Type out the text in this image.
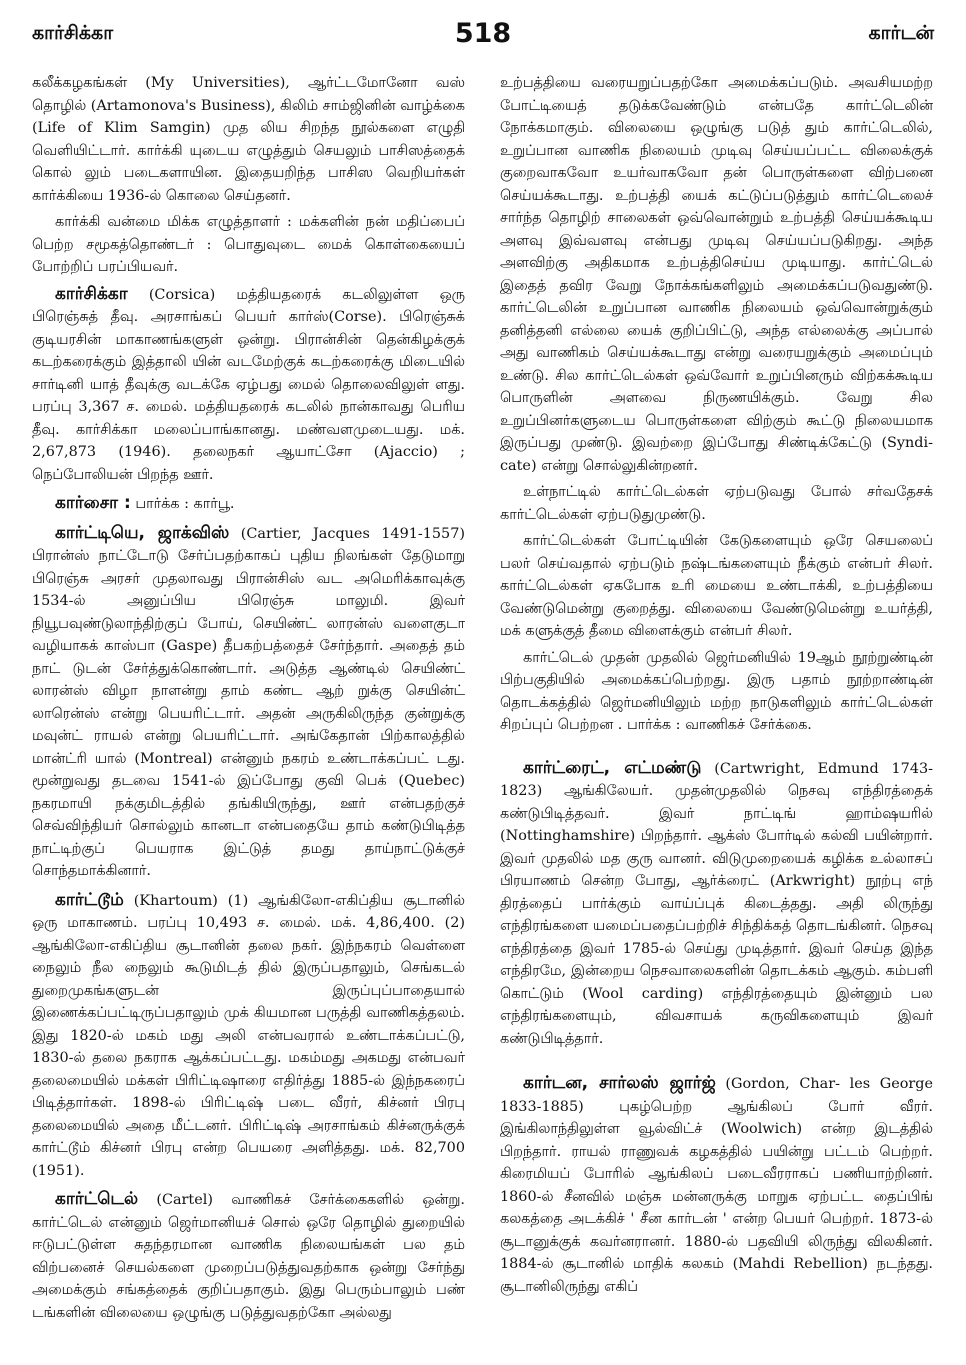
கார்சிக்கா	518	கார்டன்

கலீக்கழகங்கள் (My Universities), ஆர்ட்டமோனோ வஸ் தொழில் (Artamonova's Business), கிலிம் சாம்ஜினின் வாழ்க்கை (Life of Klim Samgin) முத லிய சிறந்த நூல்களை எழுதி வெளியிட்டார். கார்க்கி யுடைய எழுத்தும் செயலும் பாசிஸத்தைக் கொல் லும் படைகளாயின. இதையறிந்த பாசிஸ வெறியர்கள் கார்க்கியை 1936-ல் கொலை செய்தனர்.

கார்க்கி வன்மை மிக்க எழுத்தாளர் : மக்களின் நன் மதிப்பைப் பெற்ற சமூகத்தொண்டர் : பொதுவுடை மைக் கொள்கையைப் போற்றிப் பரப்பியவர்.

கார்சிக்கா (Corsica) மத்தியதரைக் கடலிலுள்ள ஒரு பிரெஞ்சுத் தீவு. அரசாங்கப் பெயர் கார்ஸ்(Corse). பிரெஞ்சுக் குடியரசின் மாகாணங்களுள் ஒன்று. பிரான்சின் தென்கிழக்குக் கடற்கரைக்கும் இத்தாலி யின் வடமேற்குக் கடற்கரைக்கு மிடையில் சார்டினி யாத் தீவுக்கு வடக்கே ஏழ்பது மைல் தொலைவிலுள் ளது. பரப்பு 3,367 ச. மைல். மத்தியதரைக் கடலில் நான்காவது பெரிய தீவு. கார்சிக்கா மலைப்பாங்கானது. மண்வளமுடையது. மக். 2,67,873 (1946). தலைநகர் ஆயாட்சோ (Ajaccio) ; நெப்போலியன் பிறந்த ஊர்.

கார்சாை : பார்க்க : கார்பூ.

கார்ட்டியெ, ஜாக்விஸ் (Cartier, Jacques 1491-1557) பிரான்ஸ் நாட்டோடு சேர்ப்பதற்காகப் புதிய நிலங்கள் தேடுமாறு பிரெஞ்சு அரசர் முதலாவது பிரான்சிஸ் வட அமெரிக்காவுக்கு 1534-ல் அனுப்பிய பிரெஞ்சு மாலுமி. இவர் நியூபவுண்டுலாந்திற்குப் போய், செயிண்ட் லாரன்ஸ் வளைகுடா வழியாகக் காஸ்பா (Gaspe) தீபகற்பத்தைச் சேர்ந்தார். அதைத் தம் நாட் டுடன் சேர்த்துக்கொண்டார். அடுத்த ஆண்டில் செயிண்ட் லாரன்ஸ் விழா நாளன்று தாம் கண்ட ஆற் றுக்கு செயின்ட் லாரென்ஸ் என்று பெயரிட்டார். அதன் அருகிலிருந்த குன்றுக்கு மவுன்ட் ராயல் என்று பெயரிட்டார். அங்கேதான் பிற்காலத்தில் மான்ட்ரி யால் (Montreal) என்னும் நகரம் உண்டாக்கப்பட் டது. மூன்றுவது தடவை 1541-ல் இப்போது குவி பெக் (Quebec) நகரமாயி நக்குமிடத்தில் தங்கியிருந்து, ஊர் என்பதற்குச் செவ்விந்தியர் சொல்லும் கானடா என்பதையே தாம் கண்டுபிடித்த நாட்டிற்குப் பெயராக இட்டுத் தமது தாய்நாட்டுக்குச் சொந்தமாக்கினார்.

கார்ட்டூம் (Khartoum) (1) ஆங்கிலோ-எகிப்திய சூடானில் ஒரு மாகாணம். பரப்பு 10,493 ச. மைல். மக். 4,86,400. (2) ஆங்கிலோ-எகிப்திய சூடானின் தலை நகர். இந்நகரம் வெள்ளை நைலும் நீல நைலும் கூடுமிடத் தில் இருப்பதாலும், செங்கடல் துறைமுகங்களுடன் இருப்புப்பாதையால் இணைக்கப்பட்டிருப்பதாலும் முக் கியமான பருத்தி வாணிகத்தலம். இது 1820-ல் மகம் மது அலி என்பவரால் உண்டாக்கப்பட்டு, 1830-ல் தலை நகராக ஆக்கப்பட்டது. மகம்மது அகமது என்பவர் தலைமையில் மக்கள் பிரிட்டிஷாரை எதிர்த்து 1885-ல் இந்நகரைப் பிடித்தார்கள். 1898-ல் பிரிட்டிஷ் படை வீரர், கிச்னர் பிரபு தலைமையில் அதை மீட்டனர். பிரிட்டிஷ் அரசாங்கம் கிச்னருக்குக் கார்ட்டூம் கிச்னர் பிரபு என்ற பெயரை அளித்தது. மக். 82,700 (1951).

கார்ட்டெல் (Cartel) வாணிகச் சேர்க்கைகளில் ஒன்று. கார்ட்டெல் என்னும் ஜெர்மானியச் சொல் ஒரே தொழில் துறையில் ஈடுபட்டுள்ள சுதந்தரமான வாணிக நிலையங்கள் பல தம் விற்பனைச் செயல்களை முறைப்படுத்துவதற்காக ஒன்று சேர்ந்து அமைக்கும் சங்கத்தைக் குறிப்பதாகும். இது பெரும்பாலும் பண் டங்களின் விலையை ஒழுங்கு படுத்துவதற்கோ அல்லது

உற்பத்தியை வரையறுப்பதற்கோ அமைக்கப்படும். அவசியமற்ற போட்டியைத் தடுக்கவேண்டும் என்பதே கார்ட்டெலின் நோக்கமாகும். விலையை ஒழுங்கு படுத் தும் கார்ட்டெலில், உறுப்பான வாணிக நிலையம் முடிவு செய்யப்பட்ட விலைக்குக் குறைவாகவோ உயர்வாகவோ தன் பொருள்களை விற்பனை செய்யக்கூடாது. உற்பத்தி யைக் கட்டுப்படுத்தும் கார்ட்டெலைச் சார்ந்த தொழிற் சாலைகள் ஒவ்வொன்றும் உற்பத்தி செய்யக்கூடிய அளவு இவ்வளவு என்பது முடிவு செய்யப்படுகிறது. அந்த அளவிற்கு அதிகமாக உற்பத்திசெய்ய முடியாது. கார்ட்டெல் இதைத் தவிர வேறு நோக்கங்களிலும் அமைக்கப்படுவதுண்டு. கார்ட்டெலின் உறுப்பான வாணிக நிலையம் ஒவ்வொன்றுக்கும் தனித்தனி எல்லை யைக் குறிப்பிட்டு, அந்த எல்லைக்கு அப்பால் அது வாணிகம் செய்யக்கூடாது என்று வரையறுக்கும் அமைப்பும் உண்டு. சில கார்ட்டெல்கள் ஒவ்வோர் உறுப்பினரும் விற்கக்கூடிய பொருளின் அளவை நிருணயிக்கும். வேறு சில உறுப்பினர்களுடைய பொருள்களை விற்கும் கூட்டு நிலையமாக இருப்பது முண்டு. இவற்றை இப்போது சிண்டிக்கேட்டு (Syndi- cate) என்று சொல்லுகின்றனர்.

உள்நாட்டில் கார்ட்டெல்கள் ஏற்படுவது போல் சர்வதேசக் கார்ட்டெல்கள் ஏற்படுதுமுண்டு.

கார்ட்டெல்கள் போட்டியின் கேடுகளையும் ஒரே செயலைப் பலர் செய்வதால் ஏற்படும் நஷ்டங்களையும் நீக்கும் என்பர் சிலர். கார்ட்டெல்கள் ஏகபோக உரி மையை உண்டாக்கி, உற்பத்தியை வேண்டுமென்று குறைத்து. விலையை வேண்டுமென்று உயர்த்தி, மக் களுக்குத் தீமை விளைக்கும் என்பர் சிலர்.

கார்ட்டெல் முதன் முதலில் ஜெர்மனியில் 19ஆம் நூற்றுண்டின் பிற்பகுதியில் அமைக்கப்பெற்றது. இரு பதாம் நூற்றாண்டின் தொடக்கத்தில் ஜெர்மனியிலும் மற்ற நாடுகளிலும் கார்ட்டெல்கள் சிறப்புப் பெற்றன . பார்க்க : வாணிகச் சேர்க்கை.

கார்ட்ரைட், எட்மண்டு (Cartwright, Edmund 1743-1823) ஆங்கிலேயர். முதன்முதலில் நெசவு எந்திரத்தைக் கண்டுபிடித்தவர். இவர் நாட்டிங் ஹாம்ஷயரில் (Nottinghamshire) பிறந்தார். ஆக்ஸ் போர்டில் கல்வி பயின்றார். இவர் முதலில் மத குரு வானர். விடுமுறையைக் கழிக்க உல்லாசப் பிரயாணம் சென்ற போது, ஆர்க்ரைட் (Arkwright) நூற்பு எந் திரத்தைப் பார்க்கும் வாய்ப்புக் கிடைத்தது. அதி லிருந்து எந்திரங்களை யமைப்பதைப்பற்றிச் சிந்திக்கத் தொடங்கினர். நெசவு எந்திரத்தை இவர் 1785-ல் செய்து முடித்தார். இவர் செய்த இந்த எந்திரமே, இன்றைய நெசவாலைகளின் தொடக்கம் ஆகும். கம்பளி கொட்டும் (Wool carding) எந்திரத்தையும் இன்னும் பல எந்திரங்களையும், விவசாயக் கருவிகளையும் இவர் கண்டுபிடித்தார்.

கார்டன, சார்லஸ் ஜார்ஜ் (Gordon, Char- les George 1833-1885) புகழ்பெற்ற ஆங்கிலப் போர் வீரர். இங்கிலாந்திலுள்ள வூல்விட்ச் (Woolwich) என்ற இடத்தில் பிறந்தார். ராயல் ராணுவக் கழகத்தில் பயின்று பட்டம் பெற்றர். கிரைமியப் போரில் ஆங்கிலப் படைவீரராகப் பணியாற்றினர். 1860-ல் சீனவில் மஞ்சு மன்னருக்கு மாறுக ஏற்பட்ட தைப்பிங் கலகத்தை அடக்கிச் ' சீன கார்டன் ' என்ற பெயர் பெற்றர். 1873-ல் சூடானுக்குக் கவர்னரானர். 1880-ல் பதவியி லிருந்து விலகினர். 1884-ல் சூடானில் மாதிக் கலகம் (Mahdi Rebellion) நடந்தது. சூடானிலிருந்து எகிப்
